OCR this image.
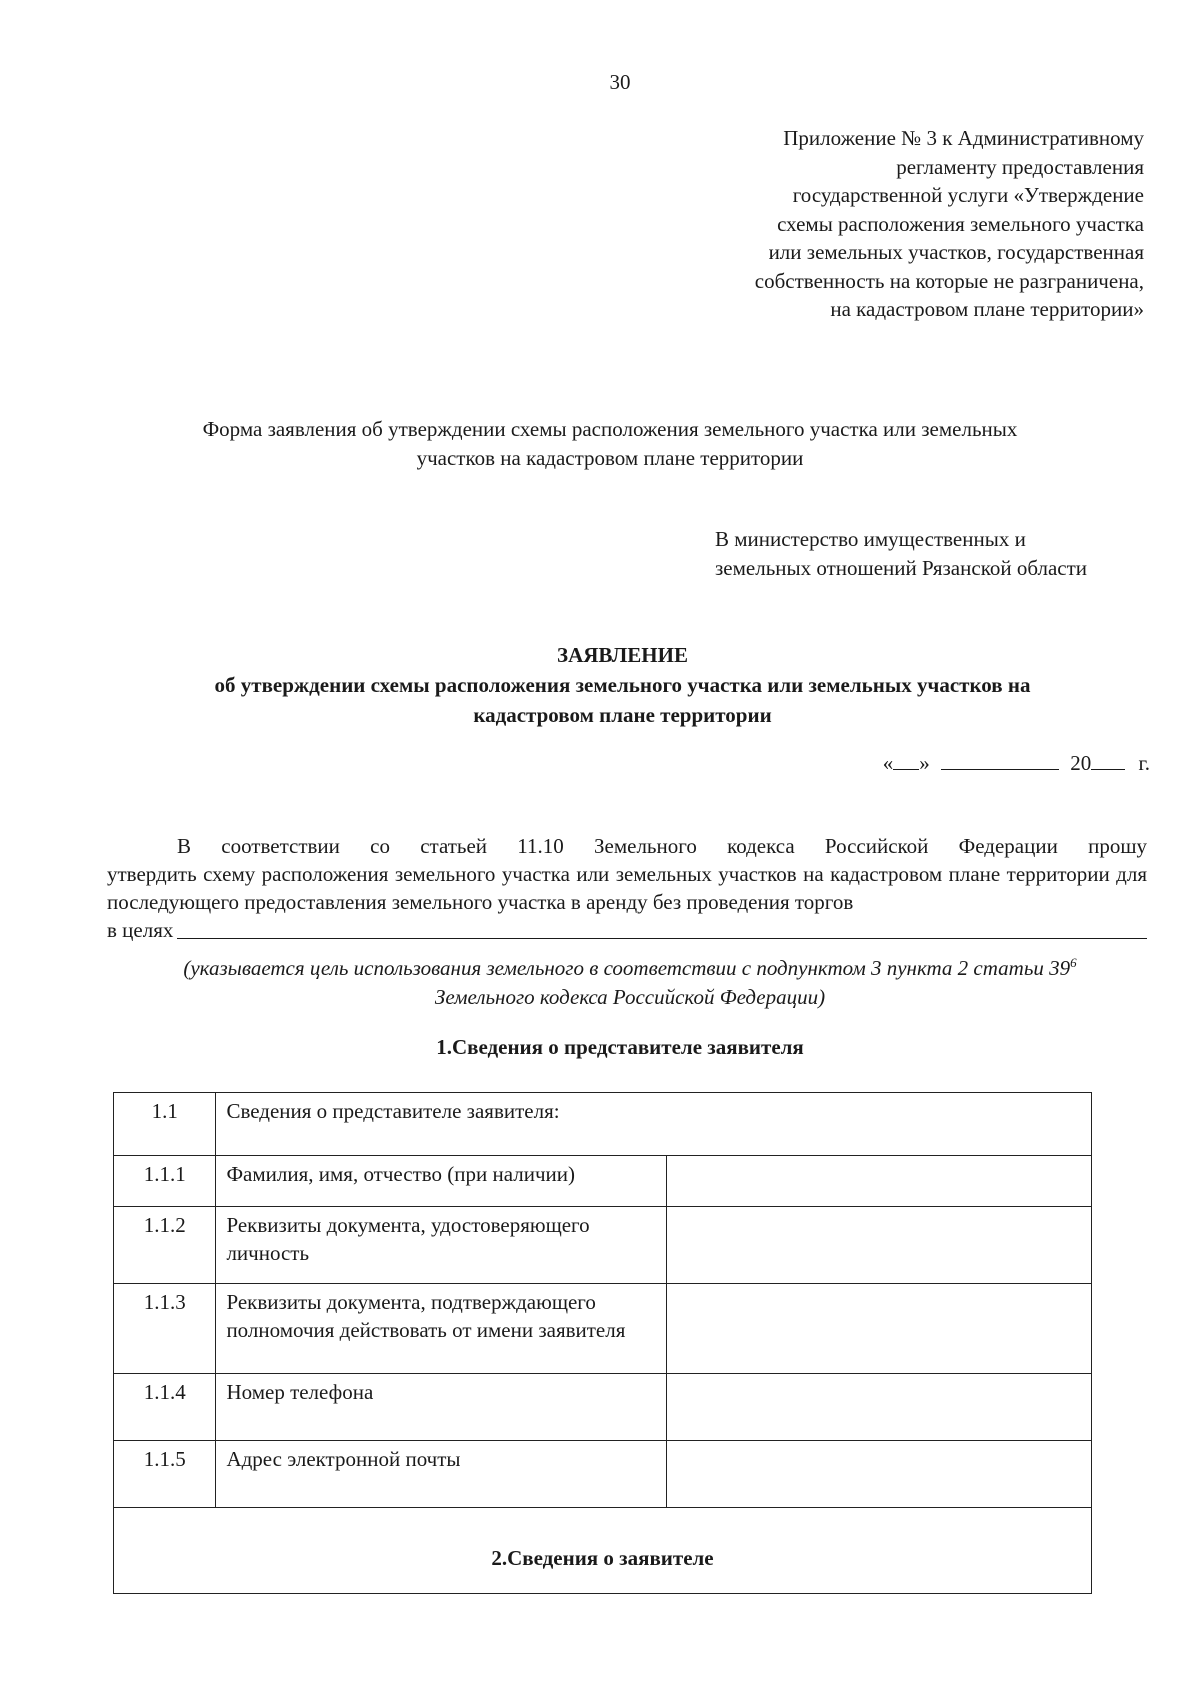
30
Приложение № 3 к Административному
регламенту предоставления
государственной услуги «Утверждение
схемы расположения земельного участка
или земельных участков, государственная
собственность на которые не разграничена,
на кадастровом плане территории»
Форма заявления об утверждении схемы расположения земельного участка или земельных
участков на кадастровом плане территории
В министерство имущественных и
земельных отношений Рязанской области
ЗАЯВЛЕНИЕ
об утверждении схемы расположения земельного участка или земельных участков на
кадастровом плане территории
« »	20 г.
В соответствии со статьей 11.10 Земельного кодекса Российской Федерации прошу
утвердить схему расположения земельного участка или земельных участков на кадастровом плане территории для последующего предоставления земельного участка в аренду без проведения торгов
в целях
(указывается цель использования земельного в соответствии с подпунктом 3 пункта 2 статьи $39^6$
Земельного кодекса Российской Федерации)
1.Сведения о представителе заявителя
1.1	Сведения о представителе заявителя:	
1.1.1	Фамилия, имя, отчество (при наличии)	
1.1.2	Реквизиты документа, удостоверяющего личность	
1.1.3	Реквизиты документа, подтверждающего полномочия действовать от имени заявителя	
1.1.4	Номер телефона	
1.1.5	Адрес электронной почты	
2.Сведения о заявителе		
